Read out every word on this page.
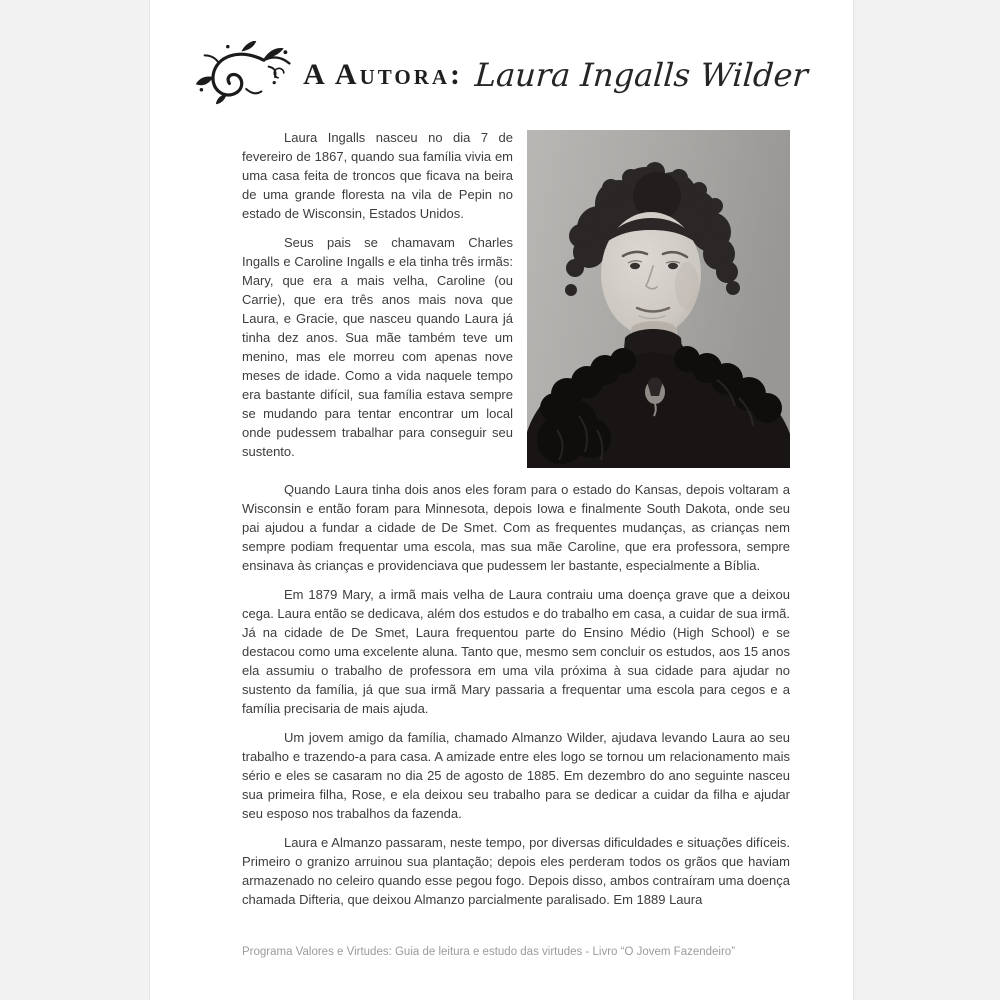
A Autora: Laura Ingalls Wilder

Laura Ingalls nasceu no dia 7 de fevereiro de 1867, quando sua família vivia em uma casa feita de troncos que ficava na beira de uma grande floresta na vila de Pepin no estado de Wisconsin, Estados Unidos.

Seus pais se chamavam Charles Ingalls e Caroline Ingalls e ela tinha três irmãs: Mary, que era a mais velha, Caroline (ou Carrie), que era três anos mais nova que Laura, e Gracie, que nasceu quando Laura já tinha dez anos. Sua mãe também teve um menino, mas ele morreu com apenas nove meses de idade. Como a vida naquele tempo era bastante difícil, sua família estava sempre se mudando para tentar encontrar um local onde pudessem trabalhar para conseguir seu sustento.

Quando Laura tinha dois anos eles foram para o estado do Kansas, depois voltaram a Wisconsin e então foram para Minnesota, depois Iowa e finalmente South Dakota, onde seu pai ajudou a fundar a cidade de De Smet. Com as frequentes mudanças, as crianças nem sempre podiam frequentar uma escola, mas sua mãe Caroline, que era professora, sempre ensinava às crianças e providenciava que pudessem ler bastante, especialmente a Bíblia.

Em 1879 Mary, a irmã mais velha de Laura contraiu uma doença grave que a deixou cega. Laura então se dedicava, além dos estudos e do trabalho em casa, a cuidar de sua irmã. Já na cidade de De Smet, Laura frequentou parte do Ensino Médio (High School) e se destacou como uma excelente aluna. Tanto que, mesmo sem concluir os estudos, aos 15 anos ela assumiu o trabalho de professora em uma vila próxima à sua cidade para ajudar no sustento da família, já que sua irmã Mary passaria a frequentar uma escola para cegos e a família precisaria de mais ajuda.

Um jovem amigo da família, chamado Almanzo Wilder, ajudava levando Laura ao seu trabalho e trazendo-a para casa. A amizade entre eles logo se tornou um relacionamento mais sério e eles se casaram no dia 25 de agosto de 1885. Em dezembro do ano seguinte nasceu sua primeira filha, Rose, e ela deixou seu trabalho para se dedicar a cuidar da filha e ajudar seu esposo nos trabalhos da fazenda.

Laura e Almanzo passaram, neste tempo, por diversas dificuldades e situações difíceis. Primeiro o granizo arruinou sua plantação; depois eles perderam todos os grãos que haviam armazenado no celeiro quando esse pegou fogo. Depois disso, ambos contraíram uma doença chamada Difteria, que deixou Almanzo parcialmente paralisado. Em 1889 Laura

Programa Valores e Virtudes: Guia de leitura e estudo das virtudes - Livro “O Jovem Fazendeiro”
